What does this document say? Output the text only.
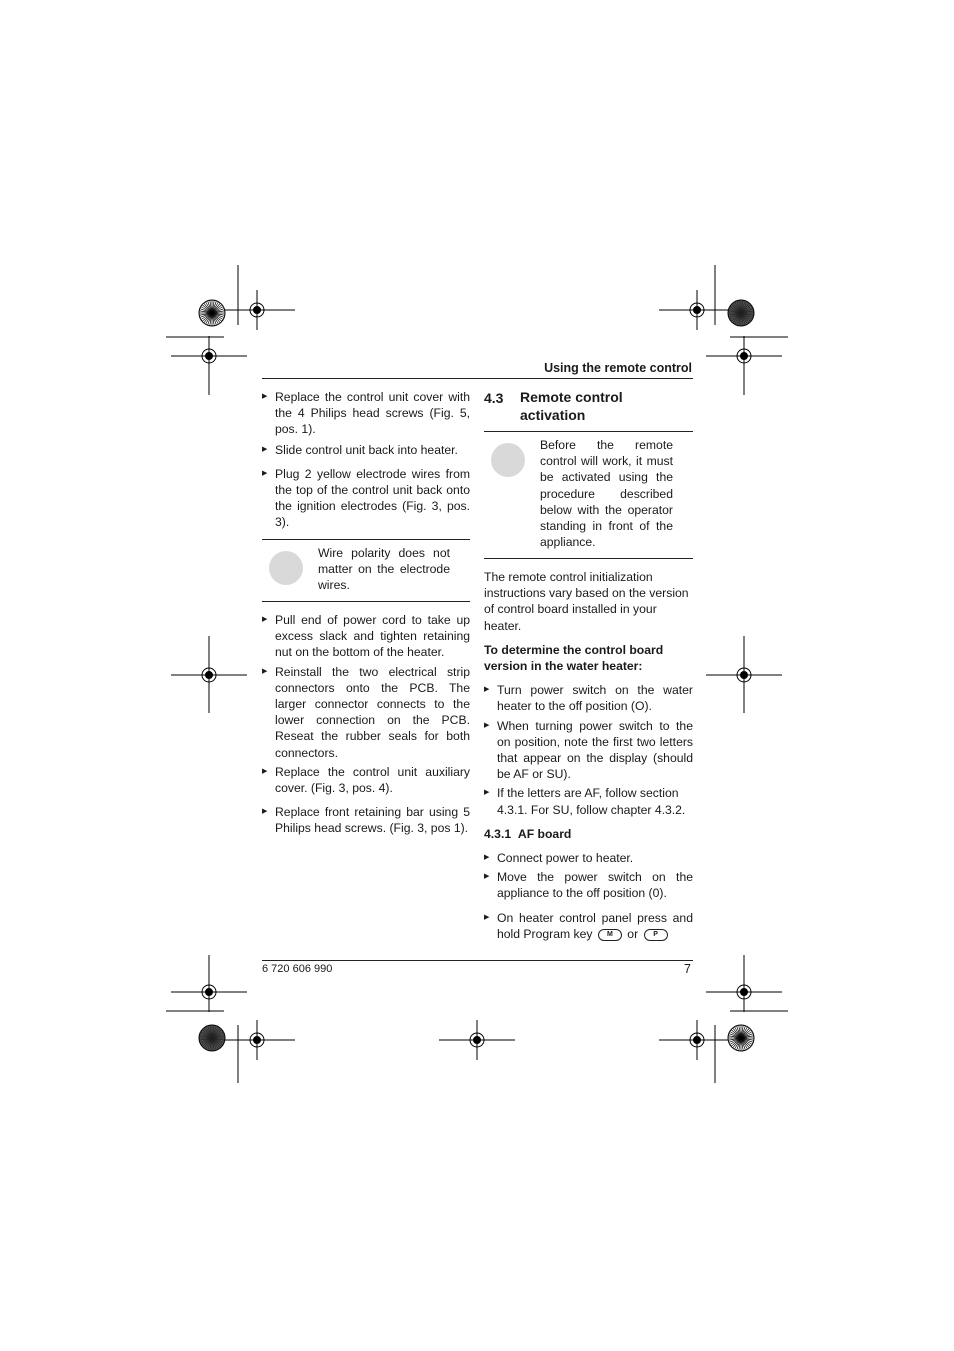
Using the remote control
▶ Replace the control unit cover with the 4 Philips head screws (Fig. 5, pos. 1).
▶ Slide control unit back into heater.
▶ Plug 2 yellow electrode wires from the top of the control unit back onto the ignition electrodes (Fig. 3, pos. 3).
Wire polarity does not matter on the electrode wires.
▶ Pull end of power cord to take up excess slack and tighten retaining nut on the bottom of the heater.
▶ Reinstall the two electrical strip connectors onto the PCB. The larger connector connects to the lower connection on the PCB. Reseat the rubber seals for both connectors.
▶ Replace the control unit auxiliary cover. (Fig. 3, pos. 4).
▶ Replace front retaining bar using 5 Philips head screws. (Fig. 3, pos 1).
4.3 Remote control
activation
Before the remote control will work, it must be activated using the procedure described below with the operator standing in front of the appliance.
The remote control initialization instructions vary based on the version of control board installed in your heater.
To determine the control board version in the water heater:
▶ Turn power switch on the water heater to the off position (O).
▶ When turning power switch to the on position, note the first two letters that appear on the display (should be AF or SU).
▶ If the letters are AF, follow section 4.3.1. For SU, follow chapter 4.3.2.
4.3.1 AF board
▶ Connect power to heater.
▶ Move the power switch on the appliance to the off position (0).
▶ On heater control panel press and hold Program key M or P
6 720 606 990	7
